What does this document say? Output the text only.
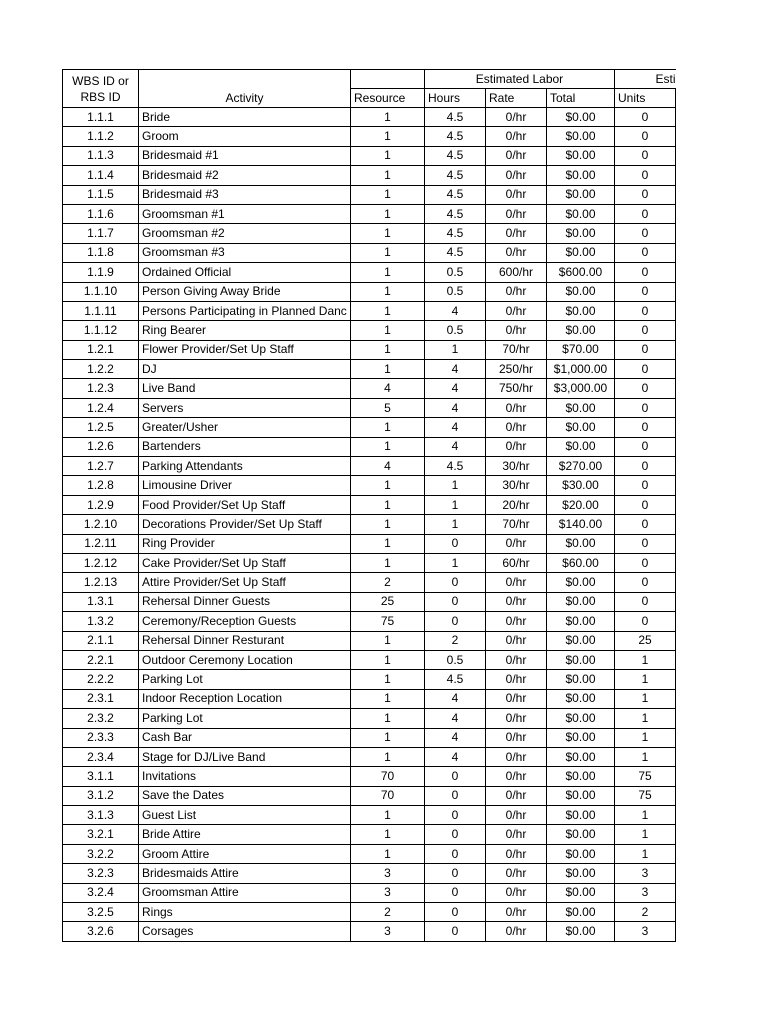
WBS ID or RBS ID	Activity		Estimated Labor			Esti
		Resource	Hours	Rate	Total	Units
1.1.1	Bride	1	4.5	0/hr	$0.00	0
1.1.2	Groom	1	4.5	0/hr	$0.00	0
1.1.3	Bridesmaid #1	1	4.5	0/hr	$0.00	0
1.1.4	Bridesmaid #2	1	4.5	0/hr	$0.00	0
1.1.5	Bridesmaid #3	1	4.5	0/hr	$0.00	0
1.1.6	Groomsman #1	1	4.5	0/hr	$0.00	0
1.1.7	Groomsman #2	1	4.5	0/hr	$0.00	0
1.1.8	Groomsman #3	1	4.5	0/hr	$0.00	0
1.1.9	Ordained Official	1	0.5	600/hr	$600.00	0
1.1.10	Person Giving Away Bride	1	0.5	0/hr	$0.00	0
1.1.11	Persons Participating in Planned Danc	1	4	0/hr	$0.00	0
1.1.12	Ring Bearer	1	0.5	0/hr	$0.00	0
1.2.1	Flower Provider/Set Up Staff	1	1	70/hr	$70.00	0
1.2.2	DJ	1	4	250/hr	$1,000.00	0
1.2.3	Live Band	4	4	750/hr	$3,000.00	0
1.2.4	Servers	5	4	0/hr	$0.00	0
1.2.5	Greater/Usher	1	4	0/hr	$0.00	0
1.2.6	Bartenders	1	4	0/hr	$0.00	0
1.2.7	Parking Attendants	4	4.5	30/hr	$270.00	0
1.2.8	Limousine Driver	1	1	30/hr	$30.00	0
1.2.9	Food Provider/Set Up Staff	1	1	20/hr	$20.00	0
1.2.10	Decorations Provider/Set Up Staff	1	1	70/hr	$140.00	0
1.2.11	Ring Provider	1	0	0/hr	$0.00	0
1.2.12	Cake Provider/Set Up Staff	1	1	60/hr	$60.00	0
1.2.13	Attire Provider/Set Up Staff	2	0	0/hr	$0.00	0
1.3.1	Rehersal Dinner Guests	25	0	0/hr	$0.00	0
1.3.2	Ceremony/Reception Guests	75	0	0/hr	$0.00	0
2.1.1	Rehersal Dinner Resturant	1	2	0/hr	$0.00	25
2.2.1	Outdoor Ceremony Location	1	0.5	0/hr	$0.00	1
2.2.2	Parking Lot	1	4.5	0/hr	$0.00	1
2.3.1	Indoor Reception Location	1	4	0/hr	$0.00	1
2.3.2	Parking Lot	1	4	0/hr	$0.00	1
2.3.3	Cash Bar	1	4	0/hr	$0.00	1
2.3.4	Stage for DJ/Live Band	1	4	0/hr	$0.00	1
3.1.1	Invitations	70	0	0/hr	$0.00	75
3.1.2	Save the Dates	70	0	0/hr	$0.00	75
3.1.3	Guest List	1	0	0/hr	$0.00	1
3.2.1	Bride Attire	1	0	0/hr	$0.00	1
3.2.2	Groom Attire	1	0	0/hr	$0.00	1
3.2.3	Bridesmaids Attire	3	0	0/hr	$0.00	3
3.2.4	Groomsman Attire	3	0	0/hr	$0.00	3
3.2.5	Rings	2	0	0/hr	$0.00	2
3.2.6	Corsages	3	0	0/hr	$0.00	3
